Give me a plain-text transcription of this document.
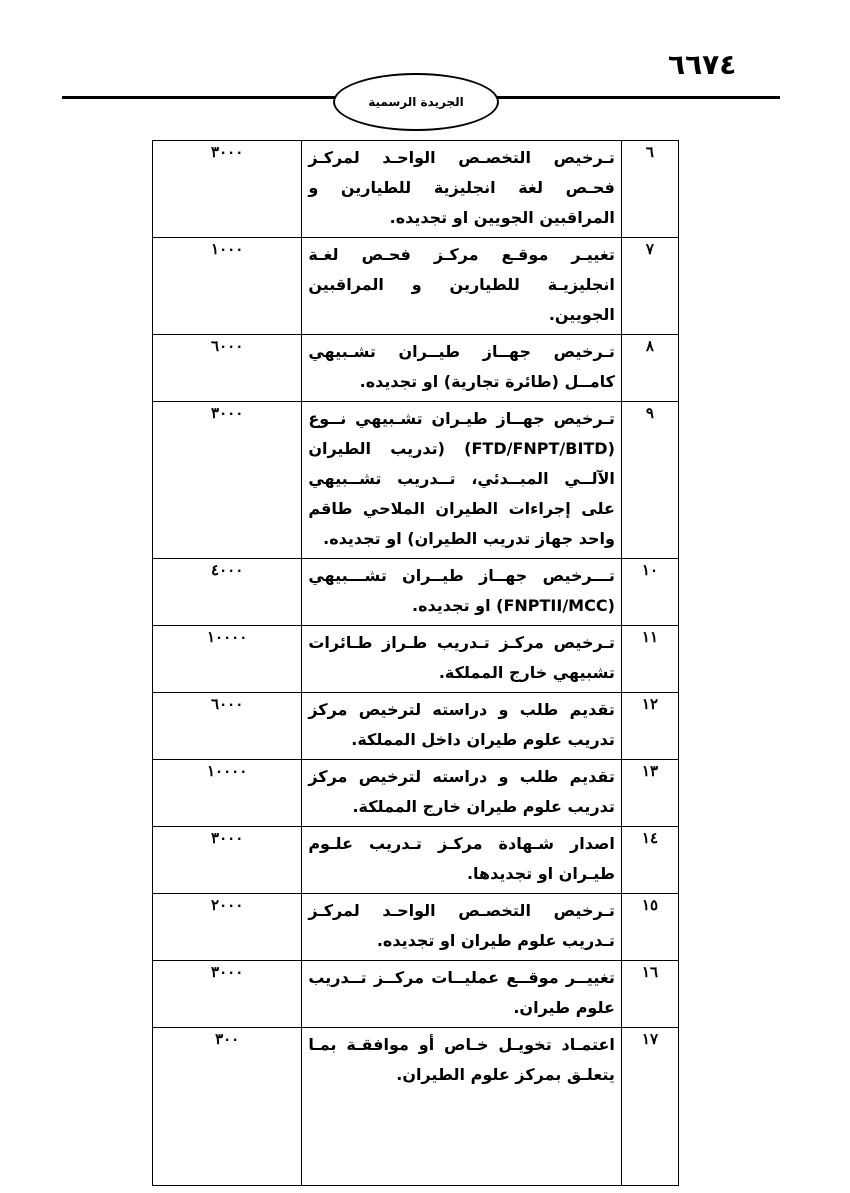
٦٦٧٤
الجريدة الرسمية
٦	تـرخيص التخصـص الواحـد لمركـز فحـص لغة انجليزية للطيارين و المراقبين الجويين او تجديده.	٣٠٠٠
٧	تغييـر موقـع مركـز فحـص لغـة انجليزيـة للطيارين و المراقبين الجويين.	١٠٠٠
٨	تـرخيص جهــاز طيــران تشـبيهي كامــل (طائرة تجارية) او تجديده.	٦٠٠٠
٩	تـرخيص جهــاز طيـران تشـبيهي نــوع (FTD/FNPT/BITD) (تدريب الطيران الآلــي المبــدئي، تــدريب تشــبيهي على إجراءات الطيران الملاحي طاقم واحد جهاز تدريب الطيران) او تجديده.	٣٠٠٠
١٠	تـــرخيص جهــاز طيــران تشـــبيهي (FNPTII/MCC) او تجديده.	٤٠٠٠
١١	تـرخيص مركـز تـدريب طـراز طـائرات تشبيهي خارج المملكة.	١٠٠٠٠
١٢	تقديم طلب و دراسته لترخيص مركز تدريب علوم طيران داخل المملكة.	٦٠٠٠
١٣	تقديم طلب و دراسته لترخيص مركز تدريب علوم طيران خارج المملكة.	١٠٠٠٠
١٤	اصدار شـهادة مركـز تـدريب علـوم طيـران او تجديدها.	٣٠٠٠
١٥	تـرخيص التخصـص الواحـد لمركـز تـدريب علوم طيران او تجديده.	٢٠٠٠
١٦	تغييــر موقــع عمليــات مركــز تــدريب علوم طيران.	٣٠٠٠
١٧	اعتمـاد تخويـل خـاص أو موافقـة بمـا يتعلـق بمركز علوم الطيران.	٣٠٠
